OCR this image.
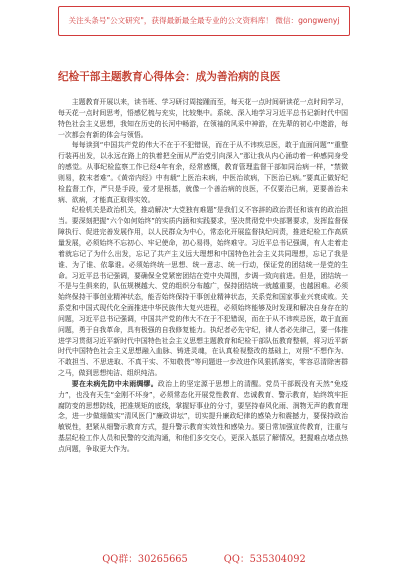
关注头条号"公文研究"，获得最新最全最专业的公文资料库！ 微信：gongwenyj
纪检干部主题教育心得体会：成为善治病的良医

主题教育开展以来，读书班、学习研讨周接踵而至，每天花一点时间研读花一点时间学习，每天花一点时间思考，悟感忆梳与充实，比较集中。系统、深入地学习习近平总书记新时代中国特色社会主义思想，我知在历史的长河中畅游，在领袖的风采中神游，在先辈的初心中遨游，每一次都会有新的体会与领悟。

每每读到“中国共产党的伟大不在于不犯错误，而在于从不讳疾忌医，敢于直面问题”“重整行装再出发，以永远在路上的执着把全面从严治党引向深入”那让我从内心涌动着一种感同身受的感觉。从事纪检监察工作已经4年有余，经常感慨，教育管理监督干部如同治病一样，“禁微则易，救末者难”。《黄帝内经》中有载“上医治未病，中医治欲病，下医治已病。”要真正做好纪检监督工作，严只是手段，爱才是根基，就像一个善治病的良医，不仅要治已病，更要善治未病、欲病，才能真正取得实效。

纪检机关是政治机关，推动解决“大党独有难题”是我们义不容辞的政治责任和该有的政治担当。要深刻把握“六个如何始终”的实质内涵和实践要求，坚决贯彻党中央部署要求，发挥监督保障执行、促进完善发展作用，以人民群众为中心，常态化开展监督执纪问责，推进纪检工作高质量发展，必须始终不忘初心、牢记使命，初心易得，始终难守。习近平总书记强调，有人走着走着就忘记了为什么出发，忘记了共产主义远大理想和中国特色社会主义共同理想，忘记了我是谁、为了谁、依靠谁。必须始终统一思想、统一意志、统一行动，保证党的团结统一是党的生命。习近平总书记强调，要确保全党紧密团结在党中央周围，步调一致向前进。但是，团结统一不是与生俱来的，队伍规模越大、党的组织分布越广，保持团结统一就越重要，也越困难。必须始终保持干事创业精神状态，能否始终保持干事创业精神状态，关系党和国家事业兴衰成败。关系党和中国式现代化全面推进中华民族伟大复兴进程，必须始终能够及时发现和解决自身存在的问题，习近平总书记强调，中国共产党的伟大不在于不犯错误，而在于从不讳疾忌医，敢于直面问题，勇于自我革命，具有极强的自我修复能力。执纪者必先守纪，律人者必先律己，要一体推进学习贯彻习近平新时代中国特色社会主义思想主题教育和纪检干部队伍教育整顿，将习近平新时代中国特色社会主义思想融入血脉、铸进灵魂，在认真检视整改的基础上，对照“不想作为、不敢担当、不思进取、不真干实、不知敬畏”等问题进一步改进作风狠抓落实，零容忍清除害群之马，做到思想纯洁、组织纯洁。

要在未病先防中未雨绸缪。政治上的坚定源于思想上的清醒。党员干部既没有天然“免疫力”，也没有天生“金刚不坏身”，必须常态化开展党性教育、忠诚教育、警示教育，始终筑牢拒腐防变的思想防线，把准规矩的底线，掌握好事业的分寸，要坚持春风化雨、润物无声的教育理念，进一步做细做实“清风医门”廉政讲坛”，切实提升廉政纪律的感染力和震撼力，要保持政治敏锐性，把紧从细警示教育方式，提升警示教育实效性和感染力。要日常加强宣传教育，注重与基层纪检工作人员和民警的交流沟通，和他们多交交心，更深入基层了解情况，把握难点堵点热点问题，争取更大作为。

QQ群：30265665	QQ：535304092
